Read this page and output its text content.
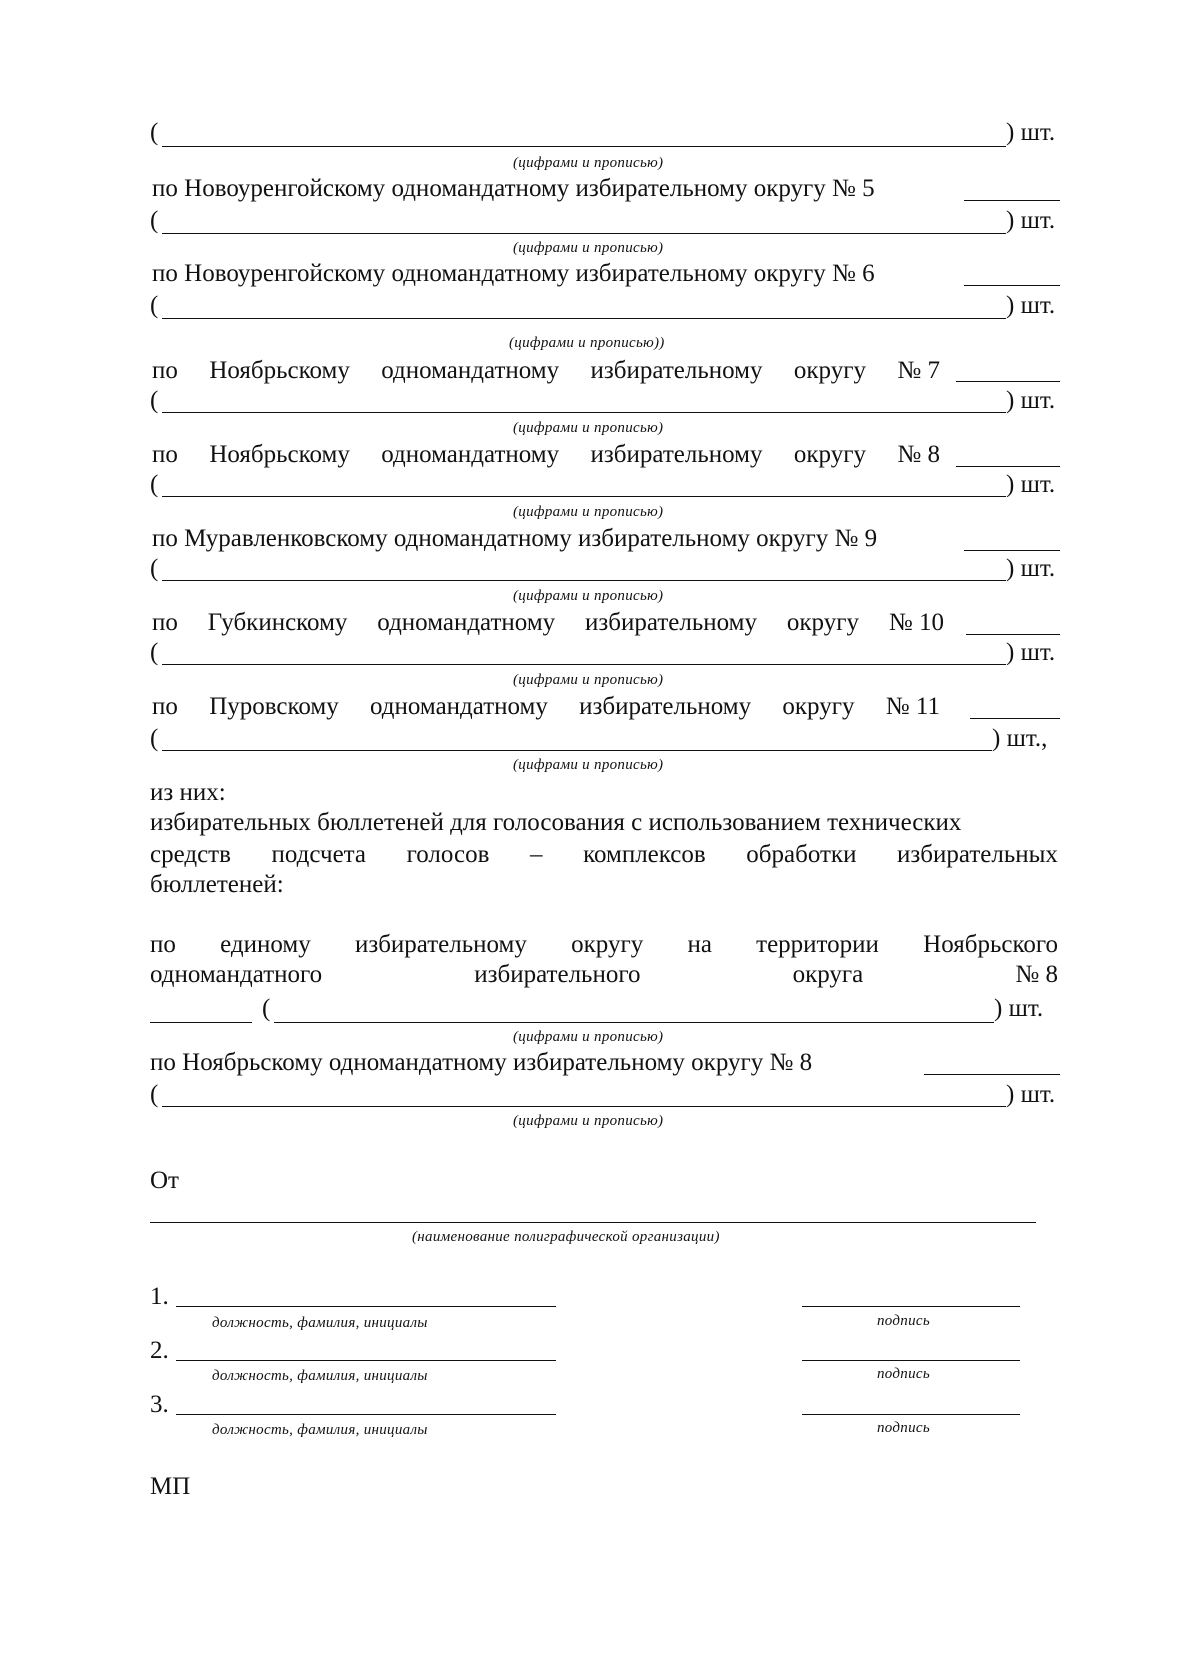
(	) шт.
(цифрами и прописью)
по Новоуренгойскому одномандатному избирательному округу № 5
(	) шт.
(цифрами и прописью)
по Новоуренгойскому одномандатному избирательному округу № 6
(	) шт.
(цифрами и прописью))
по Ноябрьскому одномандатному избирательному округу № 7
(	) шт.
(цифрами и прописью)
по Ноябрьскому одномандатному избирательному округу № 8
(	) шт.
(цифрами и прописью)
по Муравленковскому одномандатному избирательному округу № 9
(	) шт.
(цифрами и прописью)
по Губкинскому одномандатному избирательному округу № 10
(	) шт.
(цифрами и прописью)
по Пуровскому одномандатному избирательному округу № 11
(	) шт.,
(цифрами и прописью)
из них:
избирательных бюллетеней для голосования с использованием технических
средств подсчета голосов – комплексов обработки избирательных
бюллетеней:
по единому избирательному округу на территории Ноябрьского
одномандатного	избирательного	округа	№ 8
(	) шт.
(цифрами и прописью)
по Ноябрьскому одномандатному избирательному округу № 8
(	) шт.
(цифрами и прописью)
От
(наименование полиграфической организации)
1.
должность, фамилия, инициалы	подпись
2.
должность, фамилия, инициалы	подпись
3.
должность, фамилия, инициалы	подпись
МП
